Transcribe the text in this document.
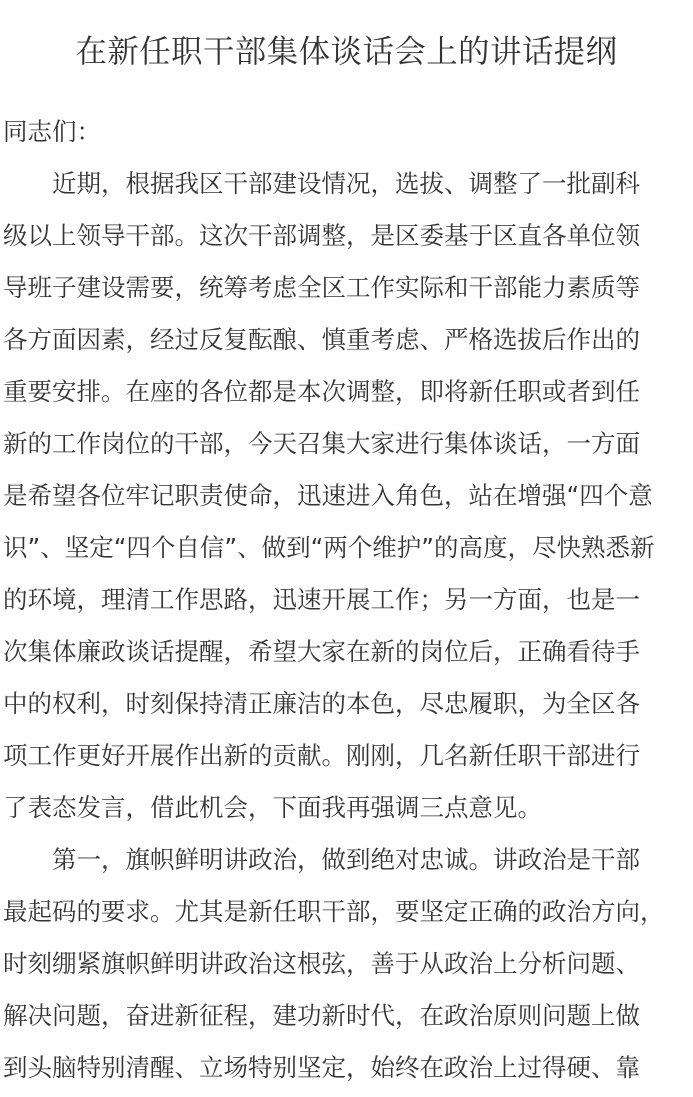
在新任职干部集体谈话会上的讲话提纲
同志们：
　　近期，根据我区干部建设情况，选拔、调整了一批副科
级以上领导干部。这次干部调整，是区委基于区直各单位领
导班子建设需要，统筹考虑全区工作实际和干部能力素质等
各方面因素，经过反复酝酿、慎重考虑、严格选拔后作出的
重要安排。在座的各位都是本次调整，即将新任职或者到任
新的工作岗位的干部，今天召集大家进行集体谈话，一方面
是希望各位牢记职责使命，迅速进入角色，站在增强“四个意
识”、坚定“四个自信”、做到“两个维护”的高度，尽快熟悉新
的环境，理清工作思路，迅速开展工作；另一方面，也是一
次集体廉政谈话提醒，希望大家在新的岗位后，正确看待手
中的权利，时刻保持清正廉洁的本色，尽忠履职，为全区各
项工作更好开展作出新的贡献。刚刚，几名新任职干部进行
了表态发言，借此机会，下面我再强调三点意见。
　　第一，旗帜鲜明讲政治，做到绝对忠诚。讲政治是干部
最起码的要求。尤其是新任职干部，要坚定正确的政治方向，
时刻绷紧旗帜鲜明讲政治这根弦，善于从政治上分析问题、
解决问题，奋进新征程，建功新时代，在政治原则问题上做
到头脑特别清醒、立场特别坚定，始终在政治上过得硬、靠
